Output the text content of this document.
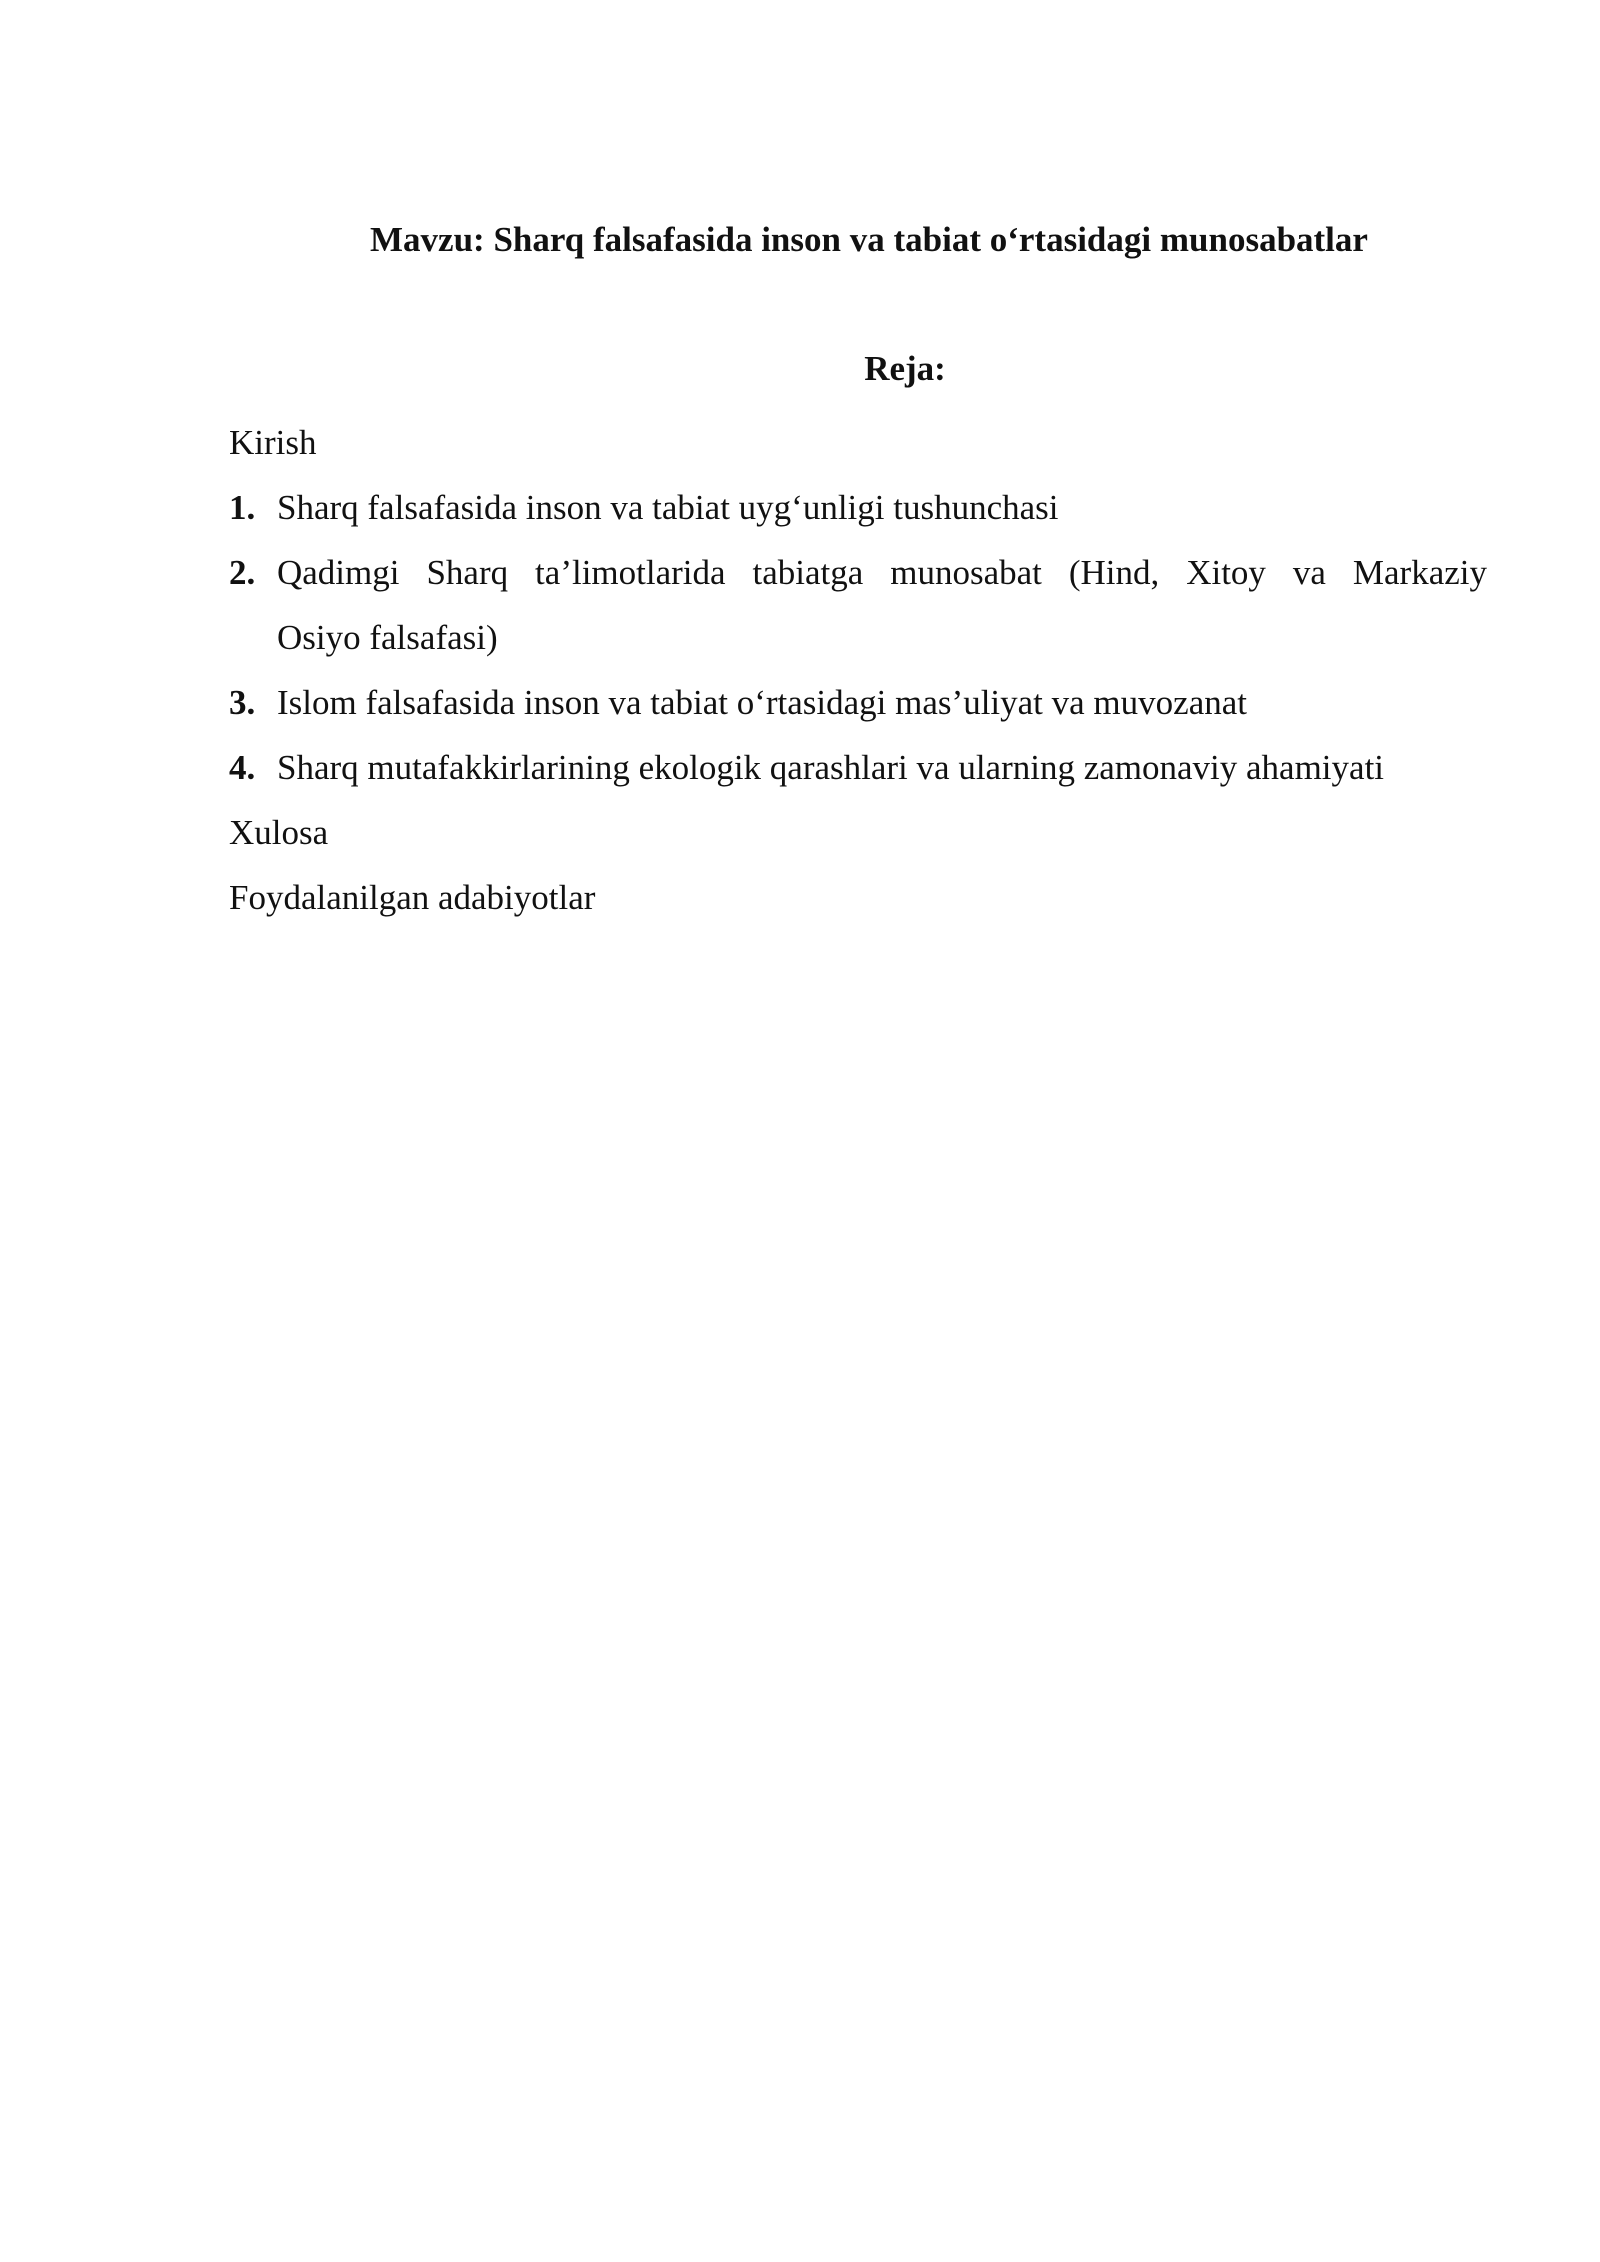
Mavzu: Sharq falsafasida inson va tabiat o‘rtasidagi munosabatlar
Reja:

Kirish

1. Sharq falsafasida inson va tabiat uyg‘unligi tushunchasi
2. Qadimgi Sharq ta’limotlarida tabiatga munosabat (Hind, Xitoy va Markaziy
Osiyo falsafasi)
3. Islom falsafasida inson va tabiat o‘rtasidagi mas’uliyat va muvozanat
4. Sharq mutafakkirlarining ekologik qarashlari va ularning zamonaviy ahamiyati

Xulosa

Foydalanilgan adabiyotlar
